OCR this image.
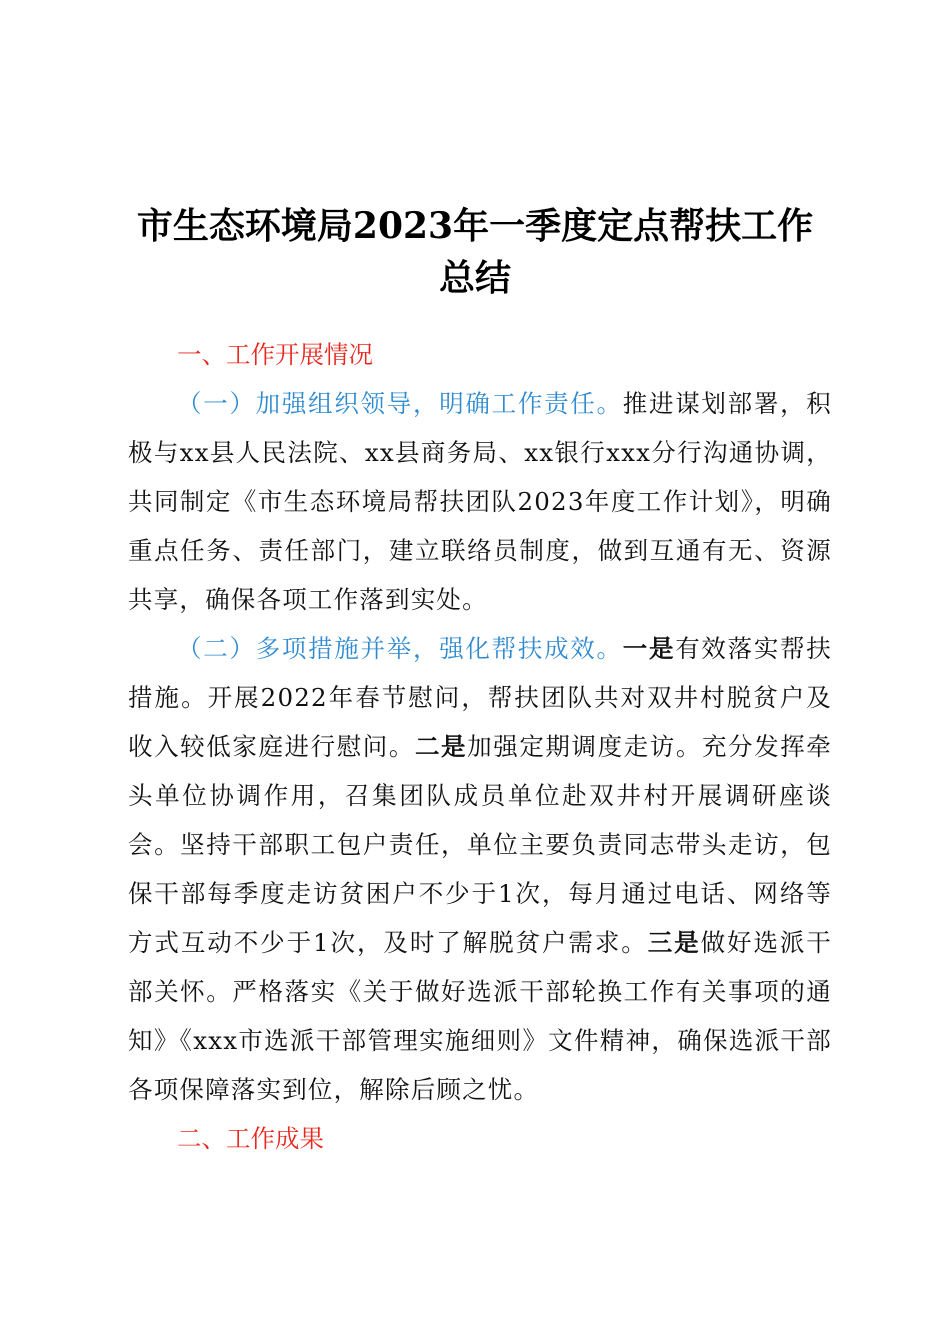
市生态环境局2023年一季度定点帮扶工作总结

一、工作开展情况

（一）加强组织领导，明确工作责任。推进谋划部署，积极与xx县人民法院、xx县商务局、xx银行xxx分行沟通协调，共同制定《市生态环境局帮扶团队2023年度工作计划》，明确重点任务、责任部门，建立联络员制度，做到互通有无、资源共享，确保各项工作落到实处。

（二）多项措施并举，强化帮扶成效。一是有效落实帮扶措施。开展2022年春节慰问，帮扶团队共对双井村脱贫户及收入较低家庭进行慰问。二是加强定期调度走访。充分发挥牵头单位协调作用，召集团队成员单位赴双井村开展调研座谈会。坚持干部职工包户责任，单位主要负责同志带头走访，包保干部每季度走访贫困户不少于1次，每月通过电话、网络等方式互动不少于1次，及时了解脱贫户需求。三是做好选派干部关怀。严格落实《关于做好选派干部轮换工作有关事项的通知》《xxx市选派干部管理实施细则》文件精神，确保选派干部各项保障落实到位，解除后顾之忧。

二、工作成果
